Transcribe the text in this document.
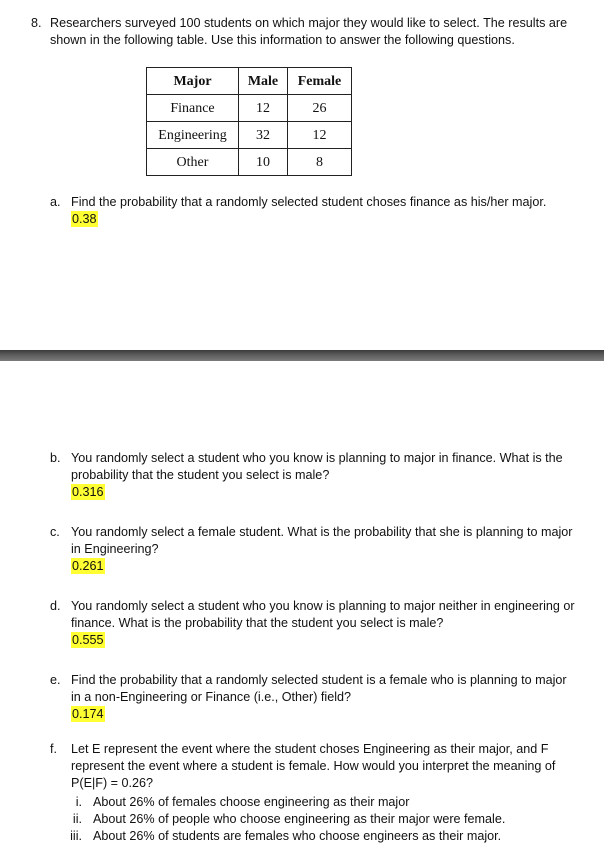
8. Researchers surveyed 100 students on which major they would like to select. The results are shown in the following table. Use this information to answer the following questions.
Major	Male	Female
Finance	12	26
Engineering	32	12
Other	10	8
a. Find the probability that a randomly selected student choses finance as his/her major.
0.38
b. You randomly select a student who you know is planning to major in finance. What is the probability that the student you select is male?
0.316
c. You randomly select a female student. What is the probability that she is planning to major in Engineering?
0.261
d. You randomly select a student who you know is planning to major neither in engineering or finance. What is the probability that the student you select is male?
0.555
e. Find the probability that a randomly selected student is a female who is planning to major in a non-Engineering or Finance (i.e., Other) field?
0.174
f. Let E represent the event where the student choses Engineering as their major, and F represent the event where a student is female. How would you interpret the meaning of P(E|F) = 0.26?
i. About 26% of females choose engineering as their major
ii. About 26% of people who choose engineering as their major were female.
iii. About 26% of students are females who choose engineers as their major.
